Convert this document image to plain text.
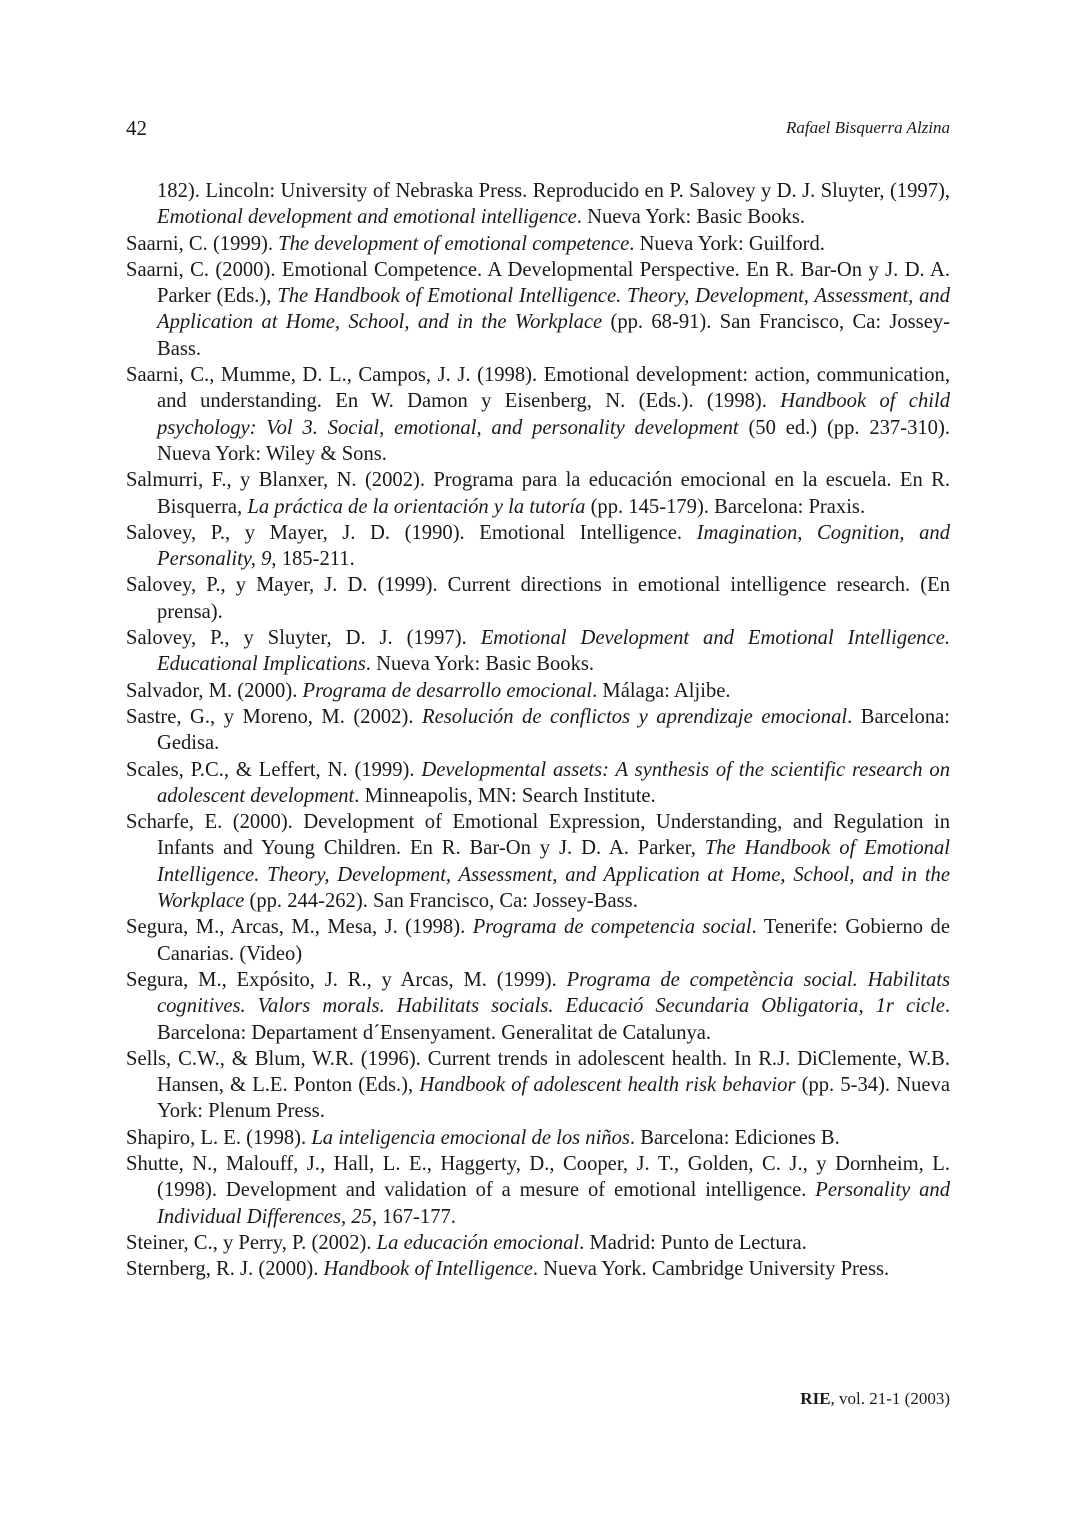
42	Rafael Bisquerra Alzina

182). Lincoln: University of Nebraska Press. Reproducido en P. Salovey y D. J. Sluyter, (1997), Emotional development and emotional intelligence. Nueva York: Basic Books.

Saarni, C. (1999). The development of emotional competence. Nueva York: Guilford.

Saarni, C. (2000). Emotional Competence. A Developmental Perspective. En R. Bar-On y J. D. A. Parker (Eds.), The Handbook of Emotional Intelligence. Theory, Development, Assessment, and Application at Home, School, and in the Workplace (pp. 68-91). San Francisco, Ca: Jossey-Bass.

Saarni, C., Mumme, D. L., Campos, J. J. (1998). Emotional development: action, communication, and understanding. En W. Damon y Eisenberg, N. (Eds.). (1998). Handbook of child psychology: Vol 3. Social, emotional, and personality development (50 ed.) (pp. 237-310). Nueva York: Wiley & Sons.

Salmurri, F., y Blanxer, N. (2002). Programa para la educación emocional en la escuela. En R. Bisquerra, La práctica de la orientación y la tutoría (pp. 145-179). Barcelona: Praxis.

Salovey, P., y Mayer, J. D. (1990). Emotional Intelligence. Imagination, Cognition, and Personality, 9, 185-211.

Salovey, P., y Mayer, J. D. (1999). Current directions in emotional intelligence research. (En prensa).

Salovey, P., y Sluyter, D. J. (1997). Emotional Development and Emotional Intelligence. Educational Implications. Nueva York: Basic Books.

Salvador, M. (2000). Programa de desarrollo emocional. Málaga: Aljibe.

Sastre, G., y Moreno, M. (2002). Resolución de conflictos y aprendizaje emocional. Barcelona: Gedisa.

Scales, P.C., & Leffert, N. (1999). Developmental assets: A synthesis of the scientific research on adolescent development. Minneapolis, MN: Search Institute.

Scharfe, E. (2000). Development of Emotional Expression, Understanding, and Regulation in Infants and Young Children. En R. Bar-On y J. D. A. Parker, The Handbook of Emotional Intelligence. Theory, Development, Assessment, and Application at Home, School, and in the Workplace (pp. 244-262). San Francisco, Ca: Jossey-Bass.

Segura, M., Arcas, M., Mesa, J. (1998). Programa de competencia social. Tenerife: Gobierno de Canarias. (Video)

Segura, M., Expósito, J. R., y Arcas, M. (1999). Programa de competència social. Habilitats cognitives. Valors morals. Habilitats socials. Educació Secundaria Obligatoria, 1r cicle. Barcelona: Departament d´Ensenyament. Generalitat de Catalunya.

Sells, C.W., & Blum, W.R. (1996). Current trends in adolescent health. In R.J. DiClemente, W.B. Hansen, & L.E. Ponton (Eds.), Handbook of adolescent health risk behavior (pp. 5-34). Nueva York: Plenum Press.

Shapiro, L. E. (1998). La inteligencia emocional de los niños. Barcelona: Ediciones B.

Shutte, N., Malouff, J., Hall, L. E., Haggerty, D., Cooper, J. T., Golden, C. J., y Dornheim, L. (1998). Development and validation of a mesure of emotional intelligence. Personality and Individual Differences, 25, 167-177.

Steiner, C., y Perry, P. (2002). La educación emocional. Madrid: Punto de Lectura.

Sternberg, R. J. (2000). Handbook of Intelligence. Nueva York. Cambridge University Press.

RIE, vol. 21-1 (2003)
